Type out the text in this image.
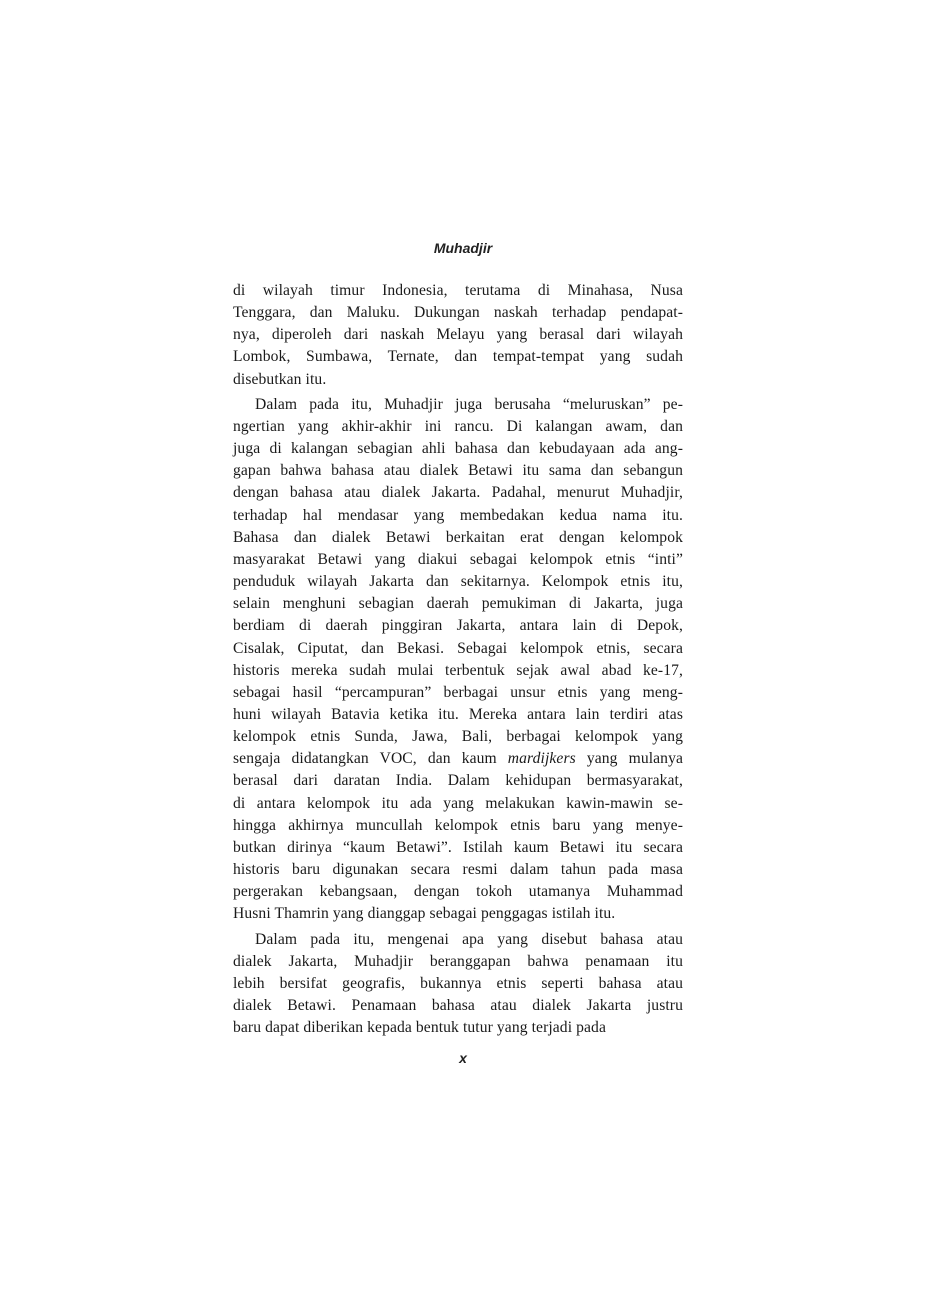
Muhadjir
di wilayah timur Indonesia, terutama di Minahasa, Nusa
Tenggara, dan Maluku. Dukungan naskah terhadap pendapat-
nya, diperoleh dari naskah Melayu yang berasal dari wilayah
Lombok, Sumbawa, Ternate, dan tempat-tempat yang sudah
disebutkan itu.
Dalam pada itu, Muhadjir juga berusaha “meluruskan” pe-
ngertian yang akhir-akhir ini rancu. Di kalangan awam, dan
juga di kalangan sebagian ahli bahasa dan kebudayaan ada ang-
gapan bahwa bahasa atau dialek Betawi itu sama dan sebangun
dengan bahasa atau dialek Jakarta. Padahal, menurut Muhadjir,
terhadap hal mendasar yang membedakan kedua nama itu.
Bahasa dan dialek Betawi berkaitan erat dengan kelompok
masyarakat Betawi yang diakui sebagai kelompok etnis “inti”
penduduk wilayah Jakarta dan sekitarnya. Kelompok etnis itu,
selain menghuni sebagian daerah pemukiman di Jakarta, juga
berdiam di daerah pinggiran Jakarta, antara lain di Depok,
Cisalak, Ciputat, dan Bekasi. Sebagai kelompok etnis, secara
historis mereka sudah mulai terbentuk sejak awal abad ke-17,
sebagai hasil “percampuran” berbagai unsur etnis yang meng-
huni wilayah Batavia ketika itu. Mereka antara lain terdiri atas
kelompok etnis Sunda, Jawa, Bali, berbagai kelompok yang
sengaja didatangkan VOC, dan kaum mardijkers yang mulanya
berasal dari daratan India. Dalam kehidupan bermasyarakat,
di antara kelompok itu ada yang melakukan kawin-mawin se-
hingga akhirnya muncullah kelompok etnis baru yang menye-
butkan dirinya “kaum Betawi”. Istilah kaum Betawi itu secara
historis baru digunakan secara resmi dalam tahun pada masa
pergerakan kebangsaan, dengan tokoh utamanya Muhammad
Husni Thamrin yang dianggap sebagai penggagas istilah itu.
Dalam pada itu, mengenai apa yang disebut bahasa atau
dialek Jakarta, Muhadjir beranggapan bahwa penamaan itu
lebih bersifat geografis, bukannya etnis seperti bahasa atau
dialek Betawi. Penamaan bahasa atau dialek Jakarta justru
baru dapat diberikan kepada bentuk tutur yang terjadi pada
x
